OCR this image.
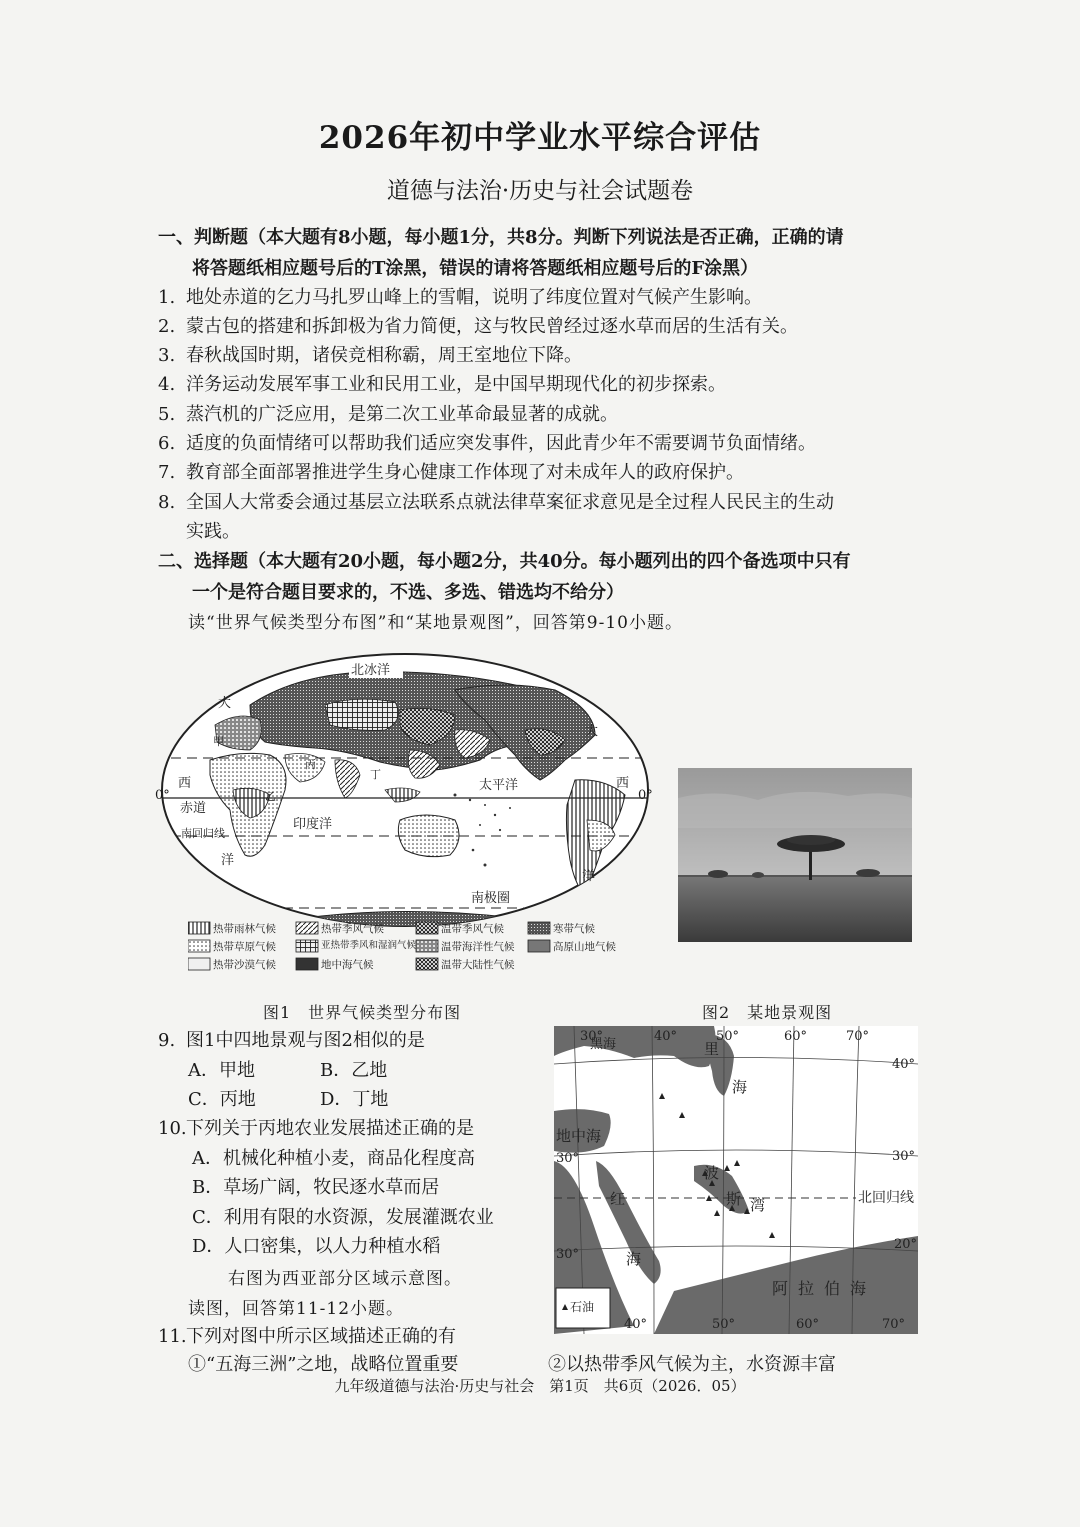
2026年初中学业水平综合评估
道德与法治·历史与社会试题卷
一、判断题（本大题有8小题，每小题1分，共8分。判断下列说法是否正确，正确的请
将答题纸相应题号后的T涂黑，错误的请将答题纸相应题号后的F涂黑）
1. 地处赤道的乞力马扎罗山峰上的雪帽，说明了纬度位置对气候产生影响。
2. 蒙古包的搭建和拆卸极为省力简便，这与牧民曾经过逐水草而居的生活有关。
3. 春秋战国时期，诸侯竞相称霸，周王室地位下降。
4. 洋务运动发展军事工业和民用工业，是中国早期现代化的初步探索。
5. 蒸汽机的广泛应用，是第二次工业革命最显著的成就。
6. 适度的负面情绪可以帮助我们适应突发事件，因此青少年不需要调节负面情绪。
7. 教育部全面部署推进学生身心健康工作体现了对未成年人的政府保护。
8. 全国人大常委会通过基层立法联系点就法律草案征求意见是全过程人民民主的生动
实践。
二、选择题（本大题有20小题，每小题2分，共40分。每小题列出的四个备选项中只有
一个是符合题目要求的，不选、多选、错选均不给分）
读“世界气候类型分布图”和“某地景观图”，回答第9-10小题。
北冰洋
太平洋
印度洋
南极圈
赤道
南回归线
大
西
洋
大
西
洋
甲
乙
丙
丁
0°	0°
热带雨林气候	热带季风气候	温带季风气候	寒带气候
热带草原气候	亚热带季风和湿润气候 温带海洋性气候	高原山地气候
热带沙漠气候	地中海气候	温带大陆性气候
图1　世界气候类型分布图	图2　某地景观图
9. 图1中四地景观与图2相似的是
A．甲地	B．乙地
C．丙地	D．丁地
10.下列关于丙地农业发展描述正确的是
A．机械化种植小麦，商品化程度高
B．草场广阔，牧民逐水草而居
C．利用有限的水资源，发展灌溉农业
D．人口密集，以人力种植水稻
右图为西亚部分区域示意图。
读图，回答第11-12小题。
11.下列对图中所示区域描述正确的有
①“五海三洲”之地，战略位置重要	②以热带季风气候为主，水资源丰富
黑海	里
海
地中海
红
海
波
斯 湾
阿拉伯海
北回归线
石油
30°	40°	50°	60°	70°
40°
30°
20°
30°
30°
40°	50°	60°	70°
九年级道德与法治·历史与社会　第1页　共6页（2026．05）
